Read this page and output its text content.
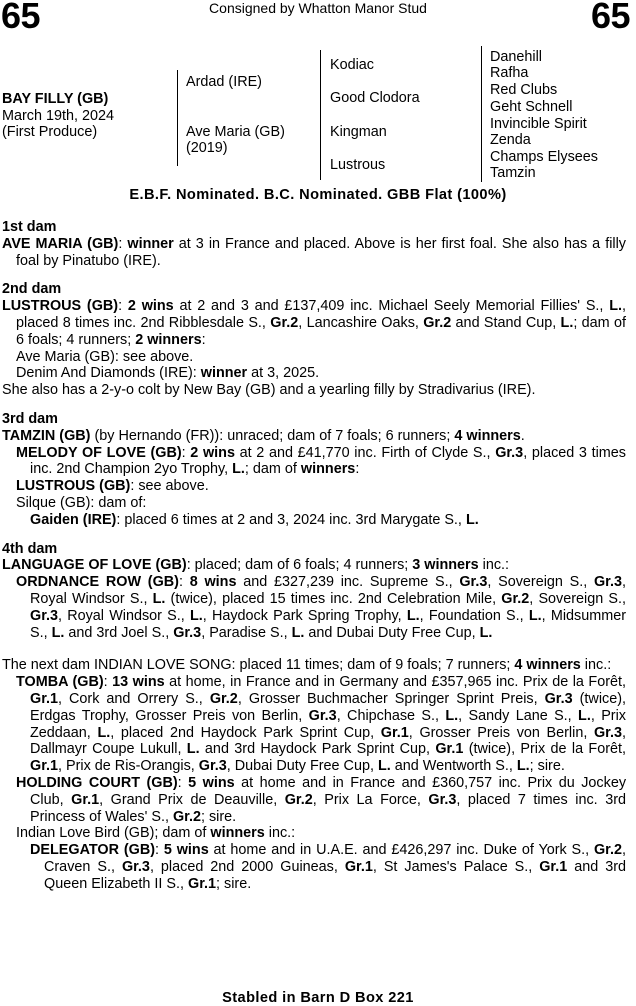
65	Consigned by Whatton Manor Stud	65
BAY FILLY (GB)
March 19th, 2024
(First Produce)
Ardad (IRE)
Ave Maria (GB)
(2019)
Kodiac
Good Clodora
Kingman
Lustrous
Danehill
Rafha
Red Clubs
Geht Schnell
Invincible Spirit
Zenda
Champs Elysees
Tamzin
E.B.F. Nominated. B.C. Nominated. GBB Flat (100%)

1st dam

AVE MARIA (GB): winner at 3 in France and placed. Above is her first foal. She also has a filly foal by Pinatubo (IRE).

2nd dam

LUSTROUS (GB): 2 wins at 2 and 3 and £137,409 inc. Michael Seely Memorial Fillies' S., L., placed 8 times inc. 2nd Ribblesdale S., Gr.2, Lancashire Oaks, Gr.2 and Stand Cup, L.; dam of 6 foals; 4 runners; 2 winners:

Ave Maria (GB): see above.

Denim And Diamonds (IRE): winner at 3, 2025.

She also has a 2-y-o colt by New Bay (GB) and a yearling filly by Stradivarius (IRE).

3rd dam

TAMZIN (GB) (by Hernando (FR)): unraced; dam of 7 foals; 6 runners; 4 winners.

MELODY OF LOVE (GB): 2 wins at 2 and £41,770 inc. Firth of Clyde S., Gr.3, placed 3 times inc. 2nd Champion 2yo Trophy, L.; dam of winners:

LUSTROUS (GB): see above.

Silque (GB): dam of:

Gaiden (IRE): placed 6 times at 2 and 3, 2024 inc. 3rd Marygate S., L.

4th dam

LANGUAGE OF LOVE (GB): placed; dam of 6 foals; 4 runners; 3 winners inc.:

ORDNANCE ROW (GB): 8 wins and £327,239 inc. Supreme S., Gr.3, Sovereign S., Gr.3, Royal Windsor S., L. (twice), placed 15 times inc. 2nd Celebration Mile, Gr.2, Sovereign S., Gr.3, Royal Windsor S., L., Haydock Park Spring Trophy, L., Foundation S., L., Midsummer S., L. and 3rd Joel S., Gr.3, Paradise S., L. and Dubai Duty Free Cup, L.

The next dam INDIAN LOVE SONG: placed 11 times; dam of 9 foals; 7 runners; 4 winners inc.:

TOMBA (GB): 13 wins at home, in France and in Germany and £357,965 inc. Prix de la Forêt, Gr.1, Cork and Orrery S., Gr.2, Grosser Buchmacher Springer Sprint Preis, Gr.3 (twice), Erdgas Trophy, Grosser Preis von Berlin, Gr.3, Chipchase S., L., Sandy Lane S., L., Prix Zeddaan, L., placed 2nd Haydock Park Sprint Cup, Gr.1, Grosser Preis von Berlin, Gr.3, Dallmayr Coupe Lukull, L. and 3rd Haydock Park Sprint Cup, Gr.1 (twice), Prix de la Forêt, Gr.1, Prix de Ris-Orangis, Gr.3, Dubai Duty Free Cup, L. and Wentworth S., L.; sire.

HOLDING COURT (GB): 5 wins at home and in France and £360,757 inc. Prix du Jockey Club, Gr.1, Grand Prix de Deauville, Gr.2, Prix La Force, Gr.3, placed 7 times inc. 3rd Princess of Wales' S., Gr.2; sire.

Indian Love Bird (GB); dam of winners inc.:

DELEGATOR (GB): 5 wins at home and in U.A.E. and £426,297 inc. Duke of York S., Gr.2, Craven S., Gr.3, placed 2nd 2000 Guineas, Gr.1, St James's Palace S., Gr.1 and 3rd Queen Elizabeth II S., Gr.1; sire.

Stabled in Barn D Box 221
